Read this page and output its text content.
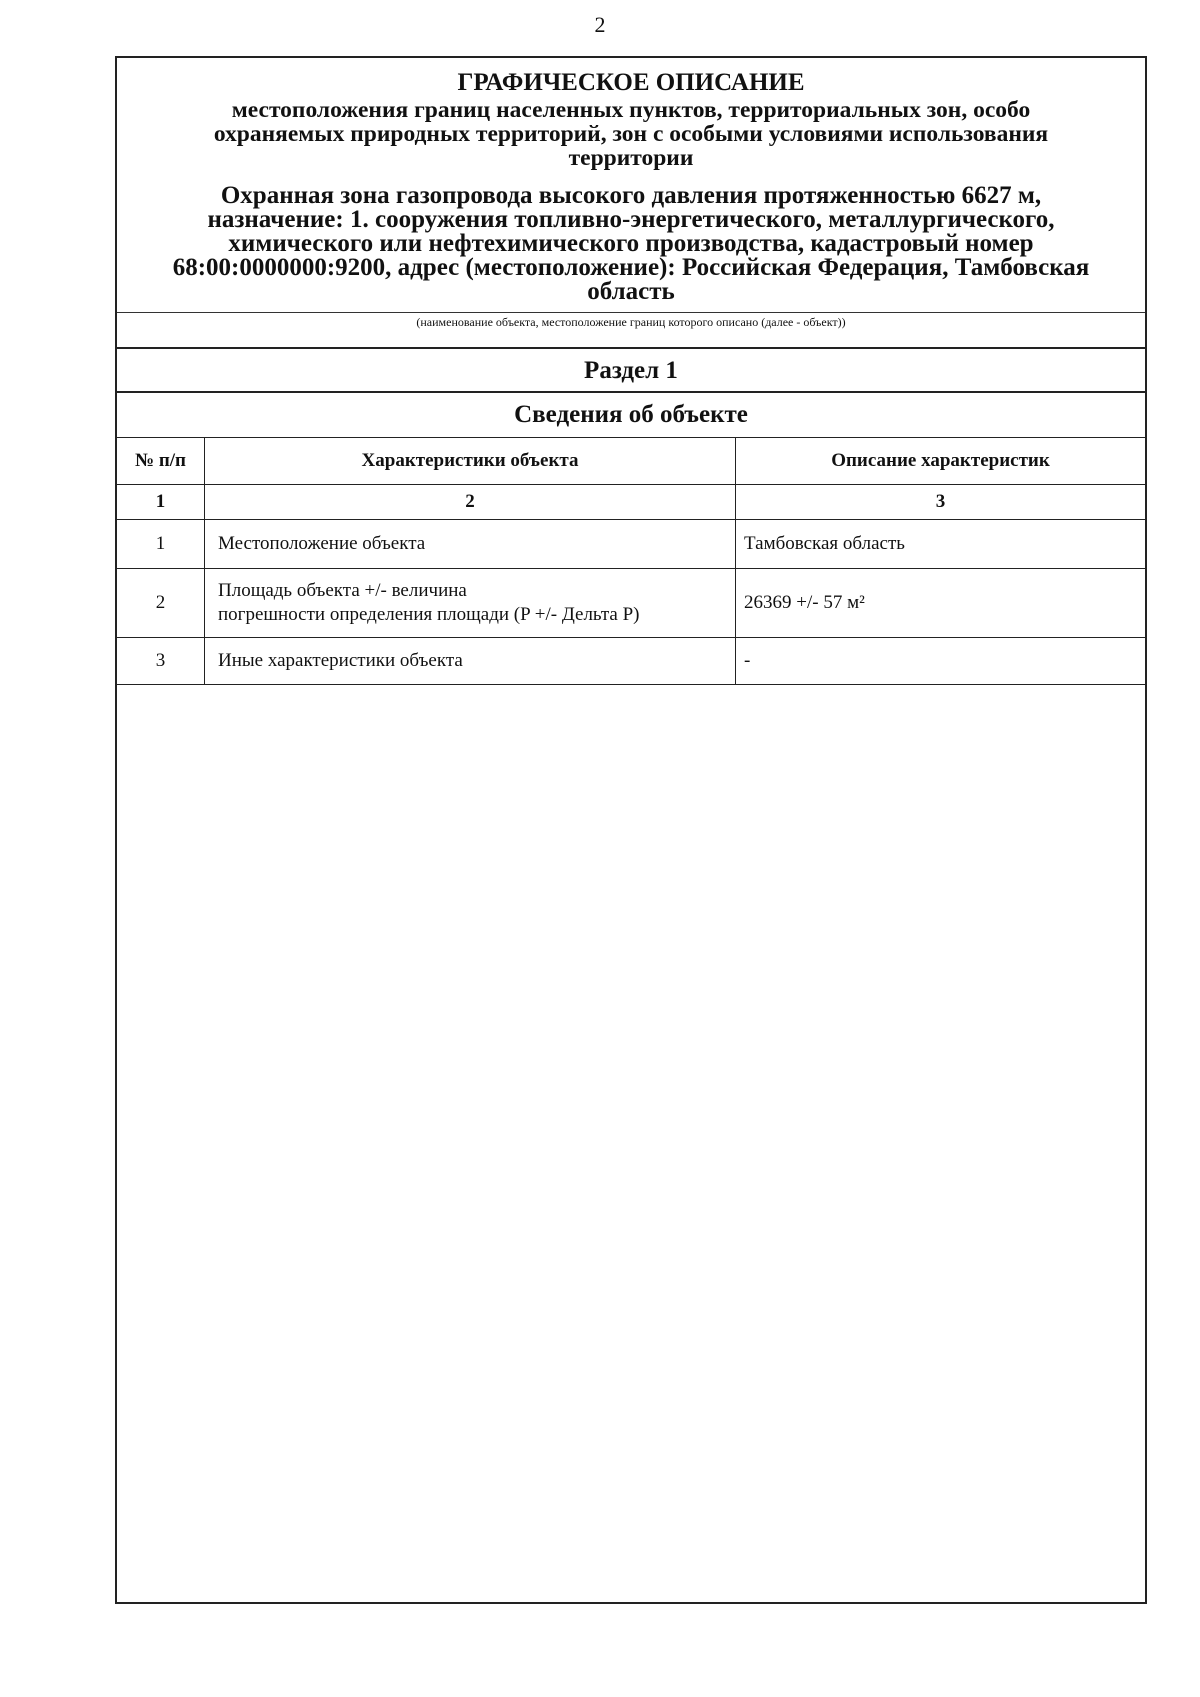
2
ГРАФИЧЕСКОЕ ОПИСАНИЕ
местоположения границ населенных пунктов, территориальных зон, особо
охраняемых природных территорий, зон с особыми условиями использования
территории
Охранная зона газопровода высокого давления протяженностью 6627 м,
назначение: 1. сооружения топливно-энергетического, металлургического,
химического или нефтехимического производства, кадастровый номер
68:00:0000000:9200, адрес (местоположение): Российская Федерация, Тамбовская
область
(наименование объекта, местоположение границ которого описано (далее - объект))
Раздел 1
Сведения об объекте
№ п/п	Характеристики объекта	Описание характеристик
1	2	3
1	Местоположение объекта	Тамбовская область
2	Площадь объекта +/- величина
погрешности определения площади (P +/- Дельта P)	26369 +/- 57 м²
3	Иные характеристики объекта	-
